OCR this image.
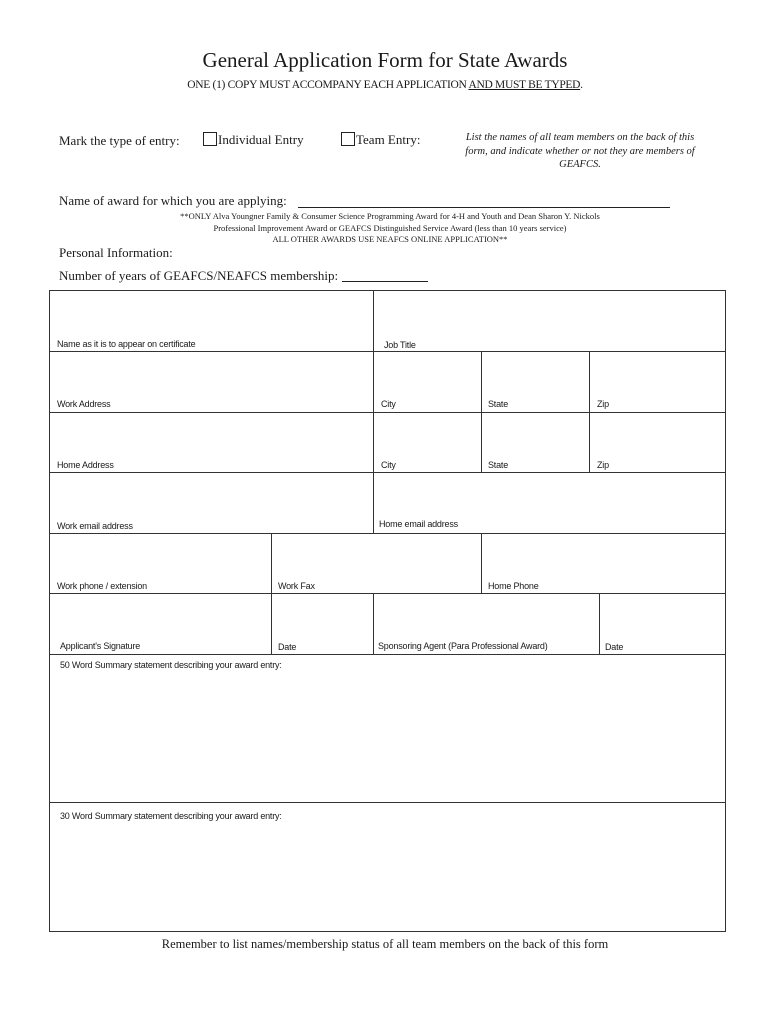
General Application Form for State Awards
ONE (1) COPY MUST ACCOMPANY EACH APPLICATION AND MUST BE TYPED.
Mark the type of entry:	Individual Entry	Team Entry:	List the names of all team members on the back of this
form, and indicate whether or not they are members of
GEAFCS.
Name of award for which you are applying:
**ONLY Alva Youngner Family & Consumer Science Programming Award for 4-H and Youth and Dean Sharon Y. Nickols
Professional Improvement Award or GEAFCS Distinguished Service Award (less than 10 years service)
ALL OTHER AWARDS USE NEAFCS ONLINE APPLICATION**
Personal Information:
Number of years of GEAFCS/NEAFCS membership:
Name as it is to appear on certificate	Job Title
Work Address	City	State	Zip
Home Address	City	State	Zip
Work email address	Home email address
Work phone / extension	Work Fax	Home Phone
Applicant's Signature	Date	Sponsoring Agent (Para Professional Award)	Date
50 Word Summary statement describing your award entry:
30 Word Summary statement describing your award entry:
Remember to list names/membership status of all team members on the back of this form
